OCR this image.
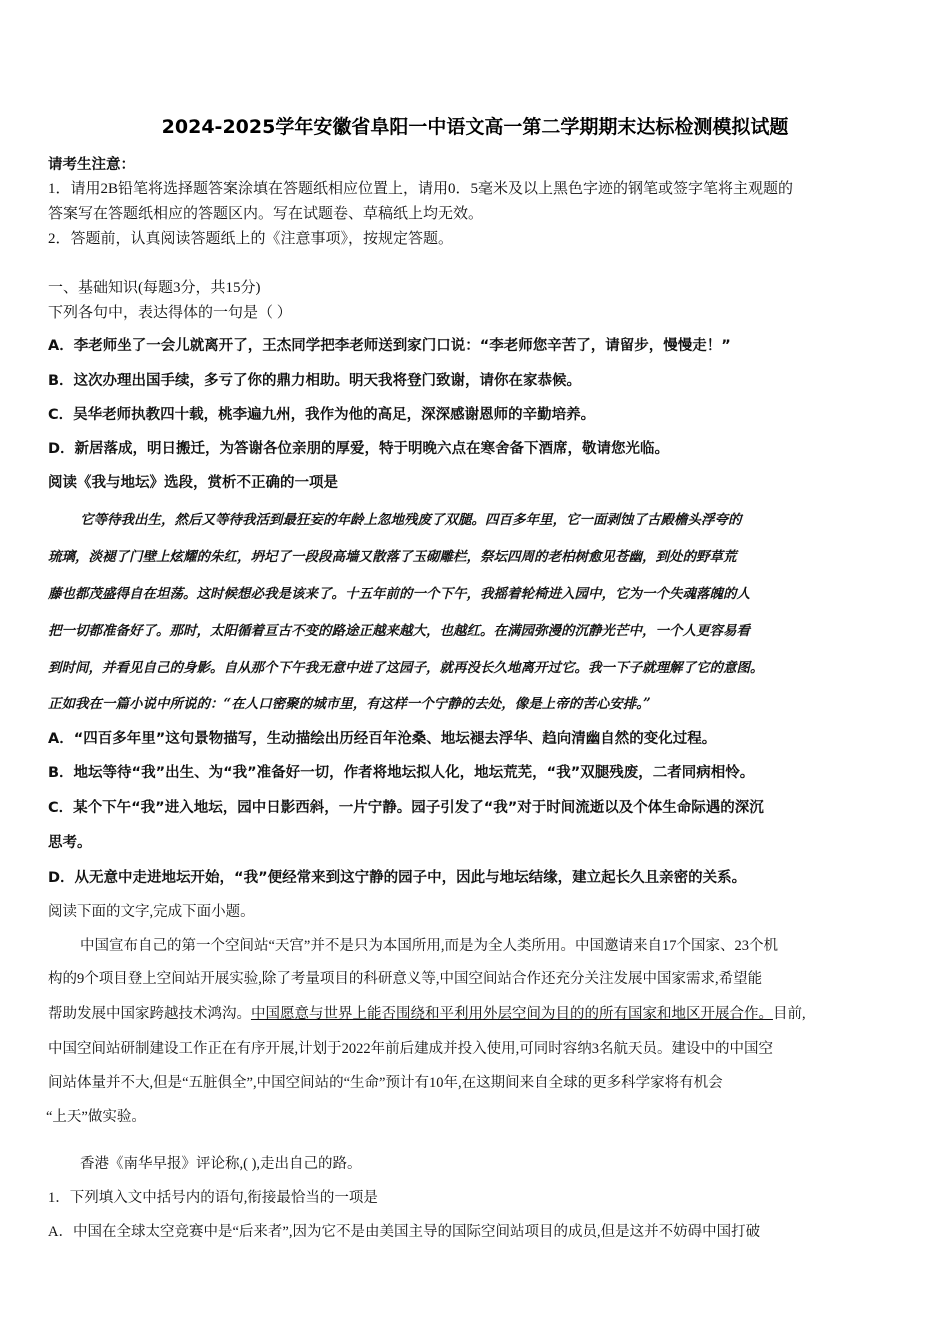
2024-2025学年安徽省阜阳一中语文高一第二学期期末达标检测模拟试题
请考生注意：
1．请用2B铅笔将选择题答案涂填在答题纸相应位置上，请用0．5毫米及以上黑色字迹的钢笔或签字笔将主观题的
答案写在答题纸相应的答题区内。写在试题卷、草稿纸上均无效。
2．答题前，认真阅读答题纸上的《注意事项》，按规定答题。
一、基础知识(每题3分，共15分)
下列各句中，表达得体的一句是（ ）
A．李老师坐了一会儿就离开了，王杰同学把李老师送到家门口说：“李老师您辛苦了，请留步，慢慢走！”
B．这次办理出国手续，多亏了你的鼎力相助。明天我将登门致谢，请你在家恭候。
C．吴华老师执教四十载，桃李遍九州，我作为他的高足，深深感谢恩师的辛勤培养。
D．新居落成，明日搬迁，为答谢各位亲朋的厚爱，特于明晚六点在寒舍备下酒席，敬请您光临。
阅读《我与地坛》选段，赏析不正确的一项是
它等待我出生，然后又等待我活到最狂妄的年龄上忽地残废了双腿。四百多年里，它一面剥蚀了古殿檐头浮夸的
琉璃，淡褪了门壁上炫耀的朱红，坍圮了一段段高墙又散落了玉砌雕栏，祭坛四周的老柏树愈见苍幽，到处的野草荒
藤也都茂盛得自在坦荡。这时候想必我是该来了。十五年前的一个下午，我摇着轮椅进入园中，它为一个失魂落魄的人
把一切都准备好了。那时，太阳循着亘古不变的路途正越来越大，也越红。在满园弥漫的沉静光芒中，一个人更容易看
到时间，并看见自己的身影。自从那个下午我无意中进了这园子，就再没长久地离开过它。我一下子就理解了它的意图。
正如我在一篇小说中所说的：“在人口密聚的城市里，有这样一个宁静的去处，像是上帝的苦心安排。”
A．“四百多年里”这句景物描写，生动描绘出历经百年沧桑、地坛褪去浮华、趋向清幽自然的变化过程。
B．地坛等待“我”出生、为“我”准备好一切，作者将地坛拟人化，地坛荒芜，“我”双腿残废，二者同病相怜。
C．某个下午“我”进入地坛，园中日影西斜，一片宁静。园子引发了“我”对于时间流逝以及个体生命际遇的深沉
思考。
D．从无意中走进地坛开始，“我”便经常来到这宁静的园子中，因此与地坛结缘，建立起长久且亲密的关系。
阅读下面的文字,完成下面小题。
中国宣布自己的第一个空间站“天宫”并不是只为本国所用,而是为全人类所用。中国邀请来自17个国家、23个机
构的9个项目登上空间站开展实验,除了考量项目的科研意义等,中国空间站合作还充分关注发展中国家需求,希望能
帮助发展中国家跨越技术鸿沟。中国愿意与世界上能否围绕和平利用外层空间为目的的所有国家和地区开展合作。目前,
中国空间站研制建设工作正在有序开展,计划于2022年前后建成并投入使用,可同时容纳3名航天员。建设中的中国空
间站体量并不大,但是“五脏俱全”,中国空间站的“生命”预计有10年,在这期间来自全球的更多科学家将有机会
“上天”做实验。
香港《南华早报》评论称,( ),走出自己的路。
1．下列填入文中括号内的语句,衔接最恰当的一项是
A．中国在全球太空竞赛中是“后来者”,因为它不是由美国主导的国际空间站项目的成员,但是这并不妨碍中国打破
